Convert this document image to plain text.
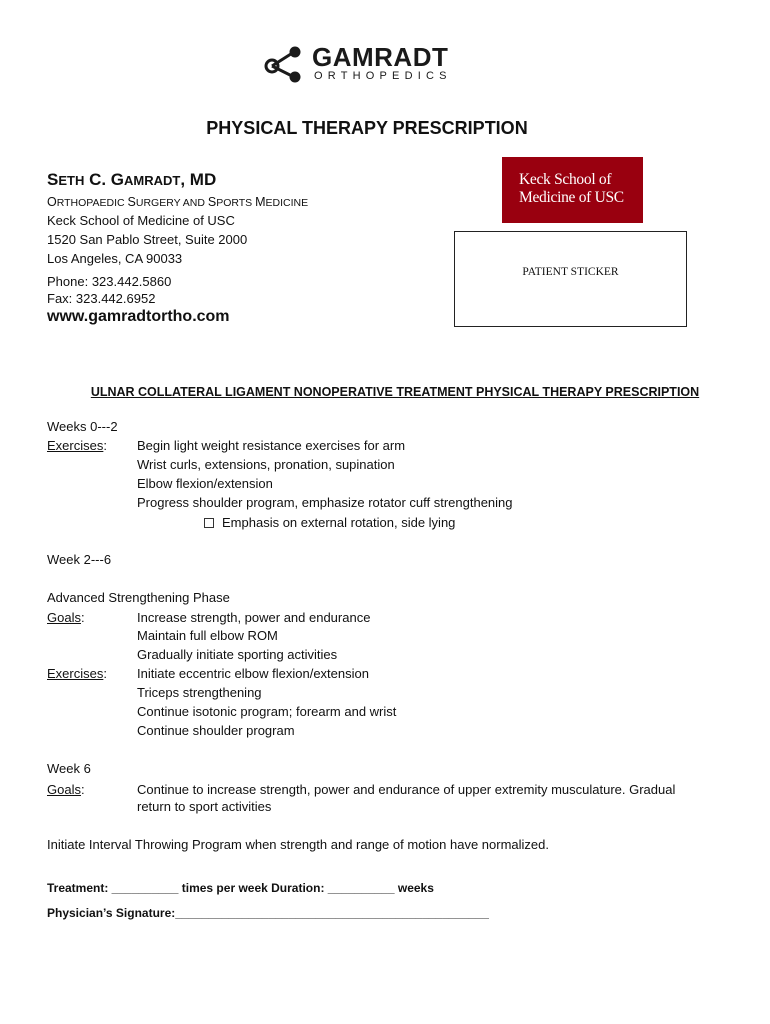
GAMRADT
ORTHOPEDICS
PHYSICAL THERAPY PRESCRIPTION
SETH C. GAMRADT, MD
ORTHOPAEDIC SURGERY AND SPORTS MEDICINE
Keck School of Medicine of USC
1520 San Pablo Street, Suite 2000
Los Angeles, CA 90033
Phone: 323.442.5860
Fax: 323.442.6952
www.gamradtortho.com
Keck School of
Medicine of USC
PATIENT STICKER
ULNAR COLLATERAL LIGAMENT NONOPERATIVE TREATMENT PHYSICAL THERAPY PRESCRIPTION
Weeks 0---2
Exercises: Begin light weight resistance exercises for arm
Wrist curls, extensions, pronation, supination
Elbow flexion/extension
Progress shoulder program, emphasize rotator cuff strengthening
Emphasis on external rotation, side lying
Week 2---6
Advanced Strengthening Phase
Goals:	Increase strength, power and endurance
Maintain full elbow ROM
Gradually initiate sporting activities
Exercises: Initiate eccentric elbow flexion/extension
Triceps strengthening
Continue isotonic program; forearm and wrist
Continue shoulder program
Week 6
Goals:	Continue to increase strength, power and endurance of upper extremity musculature. Gradual
return to sport activities
Initiate Interval Throwing Program when strength and range of motion have normalized.
Treatment: __________ times per week Duration: __________ weeks
Physician’s Signature:_______________________________________________
